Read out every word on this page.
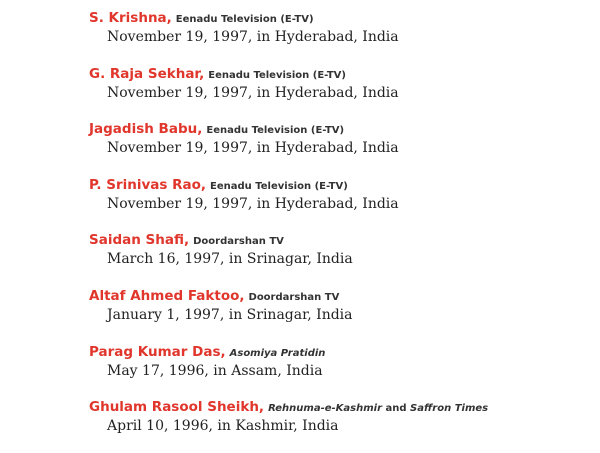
S. Krishna, Eenadu Television (E-TV)
November 19, 1997, in Hyderabad, India
G. Raja Sekhar, Eenadu Television (E-TV)
November 19, 1997, in Hyderabad, India
Jagadish Babu, Eenadu Television (E-TV)
November 19, 1997, in Hyderabad, India
P. Srinivas Rao, Eenadu Television (E-TV)
November 19, 1997, in Hyderabad, India
Saidan Shafi, Doordarshan TV
March 16, 1997, in Srinagar, India
Altaf Ahmed Faktoo, Doordarshan TV
January 1, 1997, in Srinagar, India
Parag Kumar Das, Asomiya Pratidin
May 17, 1996, in Assam, India
Ghulam Rasool Sheikh, Rehnuma-e-Kashmir and Saffron Times
April 10, 1996, in Kashmir, India
